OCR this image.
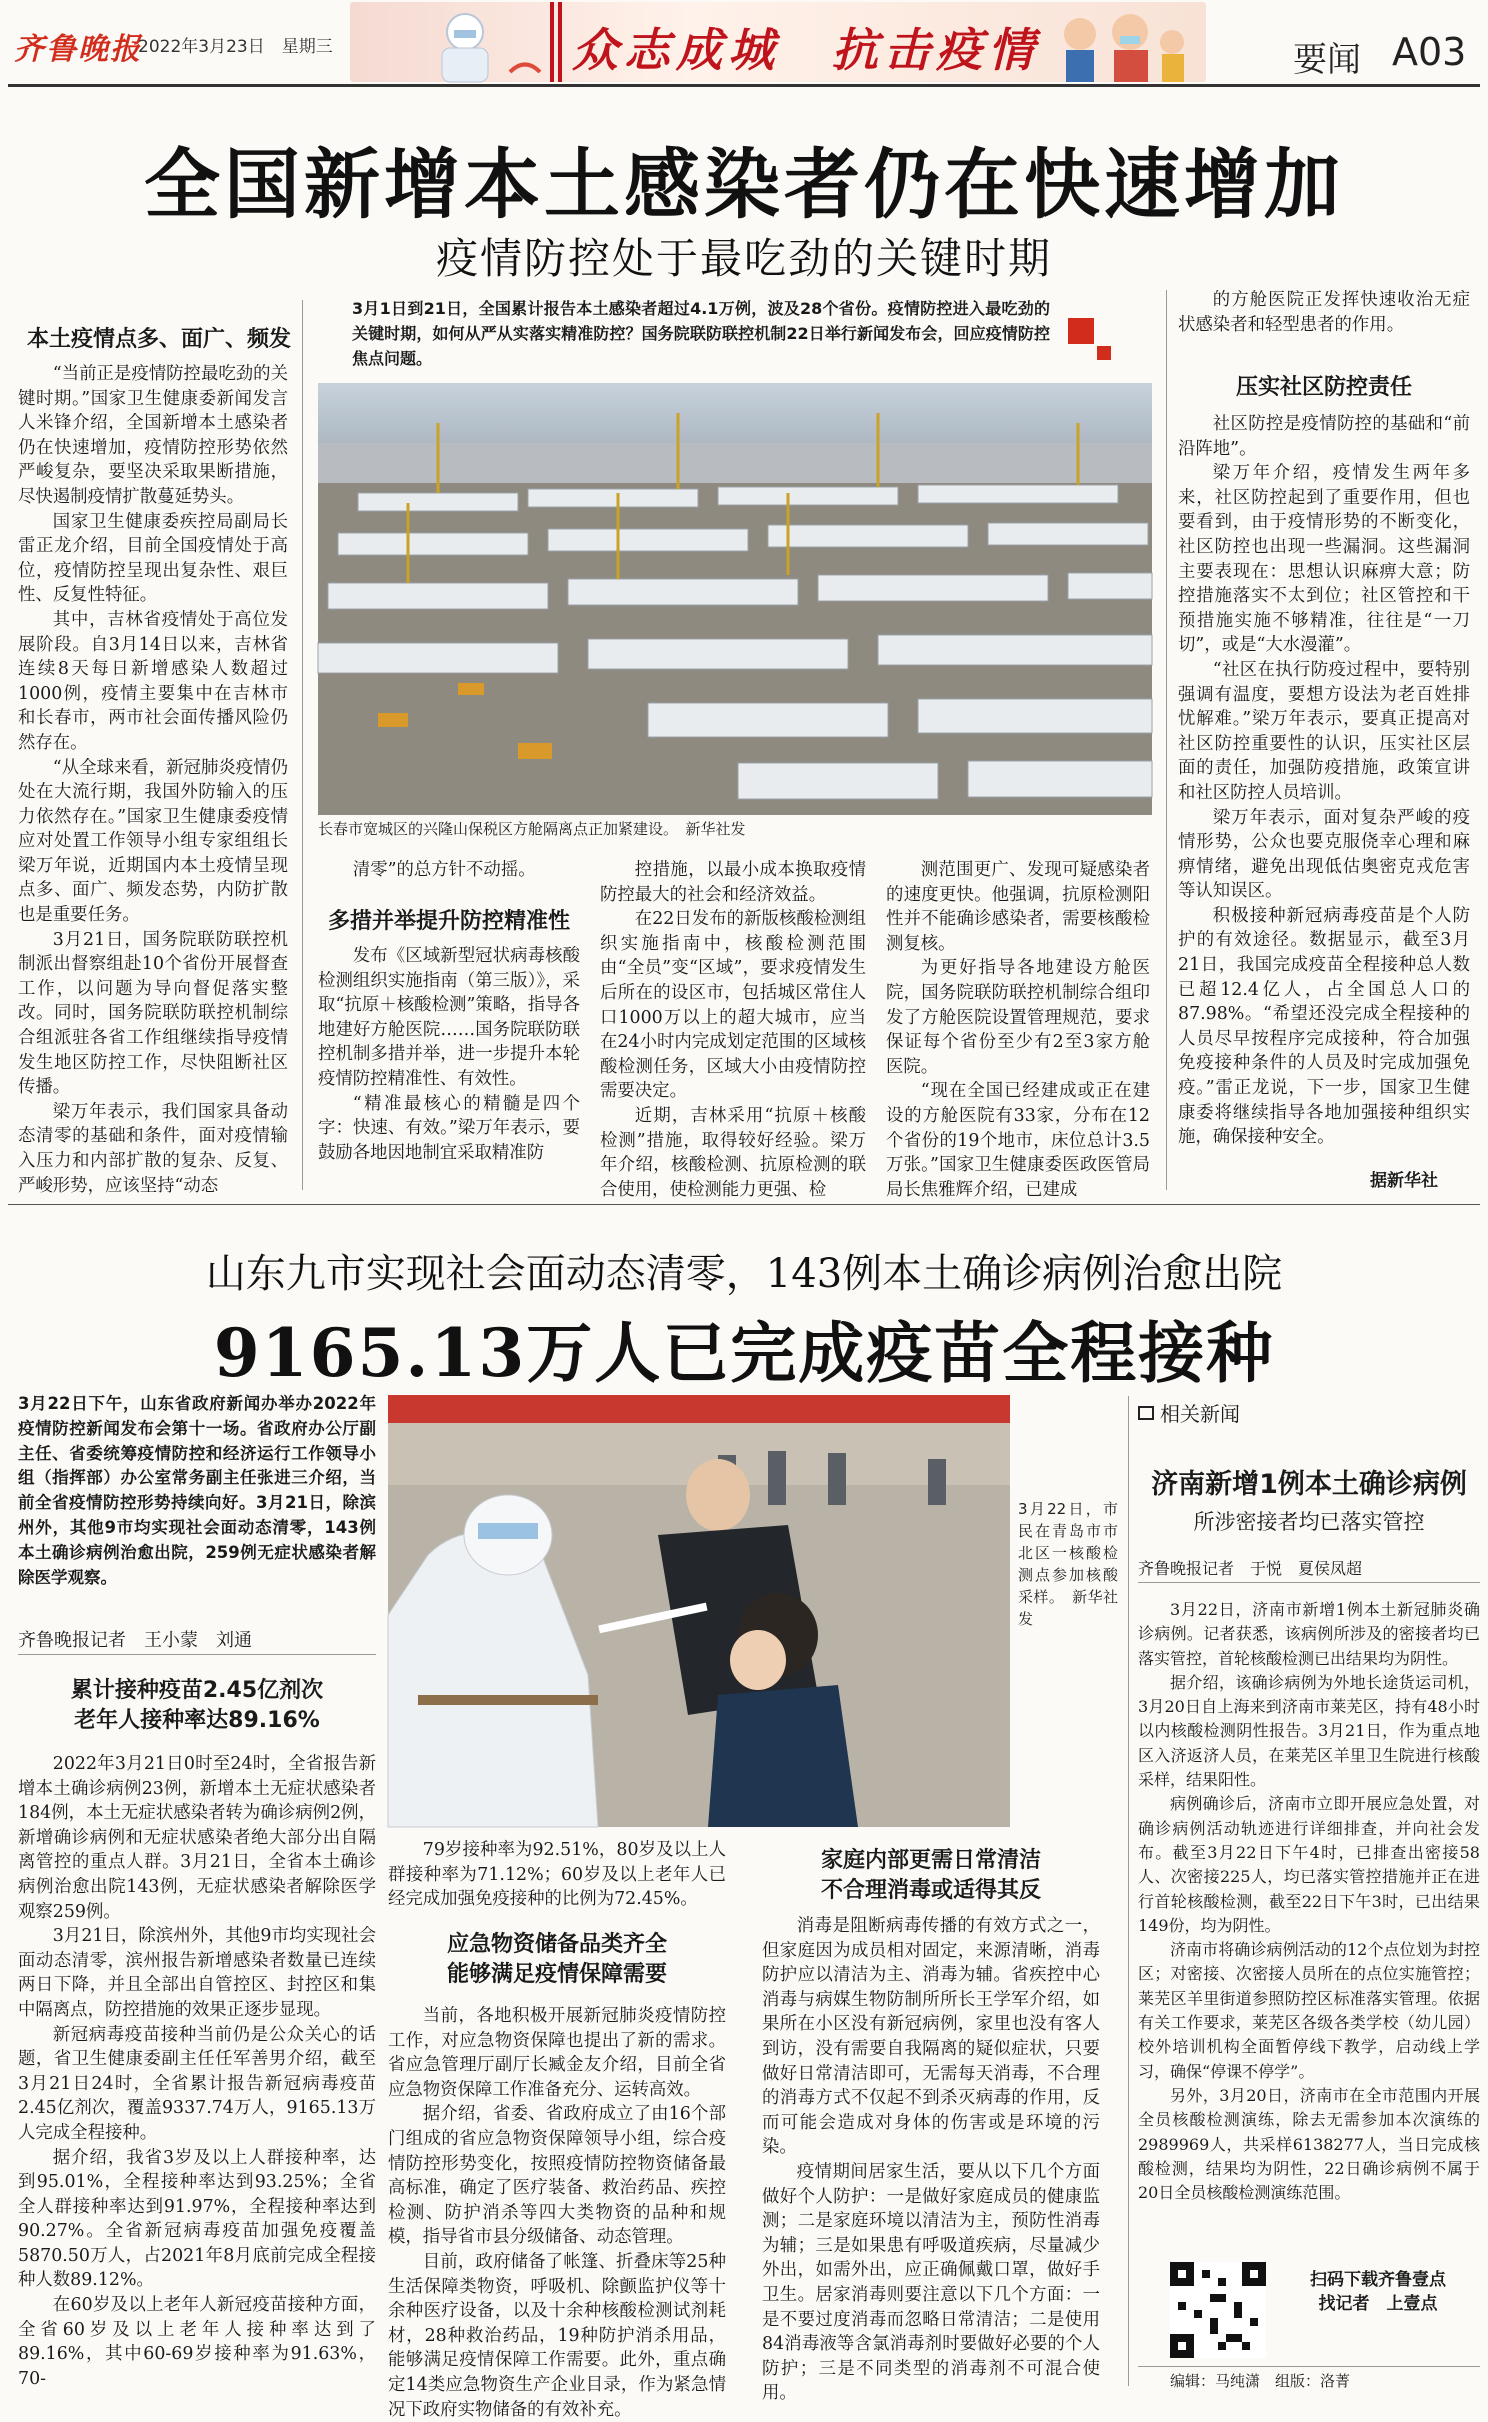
齐鲁晚报
2022年3月23日　星期三	众志成城　抗击疫情	要闻 A03
全国新增本土感染者仍在快速增加
疫情防控处于最吃劲的关键时期
3月1日到21日，全国累计报告本土感染者超过4.1万例，波及28个省份。疫情防控进入最吃劲的关键时期，如何从严从实落实精准防控？国务院联防联控机制22日举行新闻发布会，回应疫情防控焦点问题。
本土疫情点多、面广、频发

“当前正是疫情防控最吃劲的关键时期。”国家卫生健康委新闻发言人米锋介绍，全国新增本土感染者仍在快速增加，疫情防控形势依然严峻复杂，要坚决采取果断措施，尽快遏制疫情扩散蔓延势头。

国家卫生健康委疾控局副局长雷正龙介绍，目前全国疫情处于高位，疫情防控呈现出复杂性、艰巨性、反复性特征。

其中，吉林省疫情处于高位发展阶段。自3月14日以来，吉林省连续8天每日新增感染人数超过1000例，疫情主要集中在吉林市和长春市，两市社会面传播风险仍然存在。

“从全球来看，新冠肺炎疫情仍处在大流行期，我国外防输入的压力依然存在。”国家卫生健康委疫情应对处置工作领导小组专家组组长梁万年说，近期国内本土疫情呈现点多、面广、频发态势，内防扩散也是重要任务。

3月21日，国务院联防联控机制派出督察组赴10个省份开展督查工作，以问题为导向督促落实整改。同时，国务院联防联控机制综合组派驻各省工作组继续指导疫情发生地区防控工作，尽快阻断社区传播。

梁万年表示，我们国家具备动态清零的基础和条件，面对疫情输入压力和内部扩散的复杂、反复、严峻形势，应该坚持“动态

长春市宽城区的兴隆山保税区方舱隔离点正加紧建设。　新华社发

清零”的总方针不动摇。

多措并举提升防控精准性

发布《区域新型冠状病毒核酸检测组织实施指南（第三版）》，采取“抗原＋核酸检测”策略，指导各地建好方舱医院……国务院联防联控机制多措并举，进一步提升本轮疫情防控精准性、有效性。

“精准最核心的精髓是四个字：快速、有效。”梁万年表示，要鼓励各地因地制宜采取精准防

控措施，以最小成本换取疫情防控最大的社会和经济效益。

在22日发布的新版核酸检测组织实施指南中，核酸检测范围由“全员”变“区域”，要求疫情发生后所在的设区市，包括城区常住人口1000万以上的超大城市，应当在24小时内完成划定范围的区域核酸检测任务，区域大小由疫情防控需要决定。

近期，吉林采用“抗原＋核酸检测”措施，取得较好经验。梁万年介绍，核酸检测、抗原检测的联合使用，使检测能力更强、检

测范围更广、发现可疑感染者的速度更快。他强调，抗原检测阳性并不能确诊感染者，需要核酸检测复核。

为更好指导各地建设方舱医院，国务院联防联控机制综合组印发了方舱医院设置管理规范，要求保证每个省份至少有2至3家方舱医院。

“现在全国已经建成或正在建设的方舱医院有33家，分布在12个省份的19个地市，床位总计3.5万张。”国家卫生健康委医政医管局局长焦雅辉介绍，已建成

的方舱医院正发挥快速收治无症状感染者和轻型患者的作用。

压实社区防控责任

社区防控是疫情防控的基础和“前沿阵地”。

梁万年介绍，疫情发生两年多来，社区防控起到了重要作用，但也要看到，由于疫情形势的不断变化，社区防控也出现一些漏洞。这些漏洞主要表现在：思想认识麻痹大意；防控措施落实不太到位；社区管控和干预措施实施不够精准，往往是“一刀切”，或是“大水漫灌”。

“社区在执行防疫过程中，要特别强调有温度，要想方设法为老百姓排忧解难。”梁万年表示，要真正提高对社区防控重要性的认识，压实社区层面的责任，加强防疫措施，政策宣讲和社区防控人员培训。

梁万年表示，面对复杂严峻的疫情形势，公众也要克服侥幸心理和麻痹情绪，避免出现低估奥密克戎危害等认知误区。

积极接种新冠病毒疫苗是个人防护的有效途径。数据显示，截至3月21日，我国完成疫苗全程接种总人数已超12.4亿人，占全国总人口的87.98%。“希望还没完成全程接种的人员尽早按程序完成接种，符合加强免疫接种条件的人员及时完成加强免疫。”雷正龙说，下一步，国家卫生健康委将继续指导各地加强接种组织实施，确保接种安全。

据新华社
山东九市实现社会面动态清零，143例本土确诊病例治愈出院
9165.13万人已完成疫苗全程接种
3月22日下午，山东省政府新闻办举办2022年疫情防控新闻发布会第十一场。省政府办公厅副主任、省委统筹疫情防控和经济运行工作领导小组（指挥部）办公室常务副主任张进三介绍，当前全省疫情防控形势持续向好。3月21日，除滨州外，其他9市均实现社会面动态清零，143例本土确诊病例治愈出院，259例无症状感染者解除医学观察。
齐鲁晚报记者　王小蒙　刘通
累计接种疫苗2.45亿剂次
老年人接种率达89.16%

2022年3月21日0时至24时，全省报告新增本土确诊病例23例，新增本土无症状感染者184例，本土无症状感染者转为确诊病例2例，新增确诊病例和无症状感染者绝大部分出自隔离管控的重点人群。3月21日，全省本土确诊病例治愈出院143例，无症状感染者解除医学观察259例。

3月21日，除滨州外，其他9市均实现社会面动态清零，滨州报告新增感染者数量已连续两日下降，并且全部出自管控区、封控区和集中隔离点，防控措施的效果正逐步显现。

新冠病毒疫苗接种当前仍是公众关心的话题，省卫生健康委副主任任军善男介绍，截至3月21日24时，全省累计报告新冠病毒疫苗2.45亿剂次，覆盖9337.74万人，9165.13万人完成全程接种。

据介绍，我省3岁及以上人群接种率，达到95.01%，全程接种率达到93.25%；全省全人群接种率达到91.97%，全程接种率达到90.27%。全省新冠病毒疫苗加强免疫覆盖5870.50万人，占2021年8月底前完成全程接种人数89.12%。

在60岁及以上老年人新冠疫苗接种方面，全省60岁及以上老年人接种率达到了89.16%，其中60-69岁接种率为91.63%，70-

3月22日，市民在青岛市市北区一核酸检测点参加核酸采样。　新华社发

79岁接种率为92.51%，80岁及以上人群接种率为71.12%；60岁及以上老年人已经完成加强免疫接种的比例为72.45%。

应急物资储备品类齐全
能够满足疫情保障需要

当前，各地积极开展新冠肺炎疫情防控工作，对应急物资保障也提出了新的需求。省应急管理厅副厅长臧金友介绍，目前全省应急物资保障工作准备充分、运转高效。

据介绍，省委、省政府成立了由16个部门组成的省应急物资保障领导小组，综合疫情防控形势变化，按照疫情防控物资储备最高标准，确定了医疗装备、救治药品、疾控检测、防护消杀等四大类物资的品种和规模，指导省市县分级储备、动态管理。

目前，政府储备了帐篷、折叠床等25种生活保障类物资，呼吸机、除颤监护仪等十余种医疗设备，以及十余种核酸检测试剂耗材，28种救治药品，19种防护消杀用品，能够满足疫情保障工作需要。此外，重点确定14类应急物资生产企业目录，作为紧急情况下政府实物储备的有效补充。

家庭内部更需日常清洁
不合理消毒或适得其反

消毒是阻断病毒传播的有效方式之一，但家庭因为成员相对固定，来源清晰，消毒防护应以清洁为主、消毒为辅。省疾控中心消毒与病媒生物防制所所长王学军介绍，如果所在小区没有新冠病例，家里也没有客人到访，没有需要自我隔离的疑似症状，只要做好日常清洁即可，无需每天消毒，不合理的消毒方式不仅起不到杀灭病毒的作用，反而可能会造成对身体的伤害或是环境的污染。

疫情期间居家生活，要从以下几个方面做好个人防护：一是做好家庭成员的健康监测；二是家庭环境以清洁为主，预防性消毒为辅；三是如果患有呼吸道疾病，尽量减少外出，如需外出，应正确佩戴口罩，做好手卫生。居家消毒则要注意以下几个方面：一是不要过度消毒而忽略日常清洁；二是使用84消毒液等含氯消毒剂时要做好必要的个人防护；三是不同类型的消毒剂不可混合使用。

相关新闻
济南新增1例本土确诊病例
所涉密接者均已落实管控
齐鲁晚报记者　于悦　夏侯凤超

3月22日，济南市新增1例本土新冠肺炎确诊病例。记者获悉，该病例所涉及的密接者均已落实管控，首轮核酸检测已出结果均为阴性。

据介绍，该确诊病例为外地长途货运司机，3月20日自上海来到济南市莱芜区，持有48小时以内核酸检测阴性报告。3月21日，作为重点地区入济返济人员，在莱芜区羊里卫生院进行核酸采样，结果阳性。

病例确诊后，济南市立即开展应急处置，对确诊病例活动轨迹进行详细排查，并向社会发布。截至3月22日下午4时，已排查出密接58人、次密接225人，均已落实管控措施并正在进行首轮核酸检测，截至22日下午3时，已出结果149份，均为阴性。

济南市将确诊病例活动的12个点位划为封控区；对密接、次密接人员所在的点位实施管控；莱芜区羊里街道参照防控区标准落实管理。依据有关工作要求，莱芜区各级各类学校（幼儿园）校外培训机构全面暂停线下教学，启动线上学习，确保“停课不停学”。

另外，3月20日，济南市在全市范围内开展全员核酸检测演练，除去无需参加本次演练的2989969人，共采样6138277人，当日完成核酸检测，结果均为阴性，22日确诊病例不属于20日全员核酸检测演练范围。

扫码下载齐鲁壹点
找记者　上壹点
编辑：马纯潇　组版：洛菁
